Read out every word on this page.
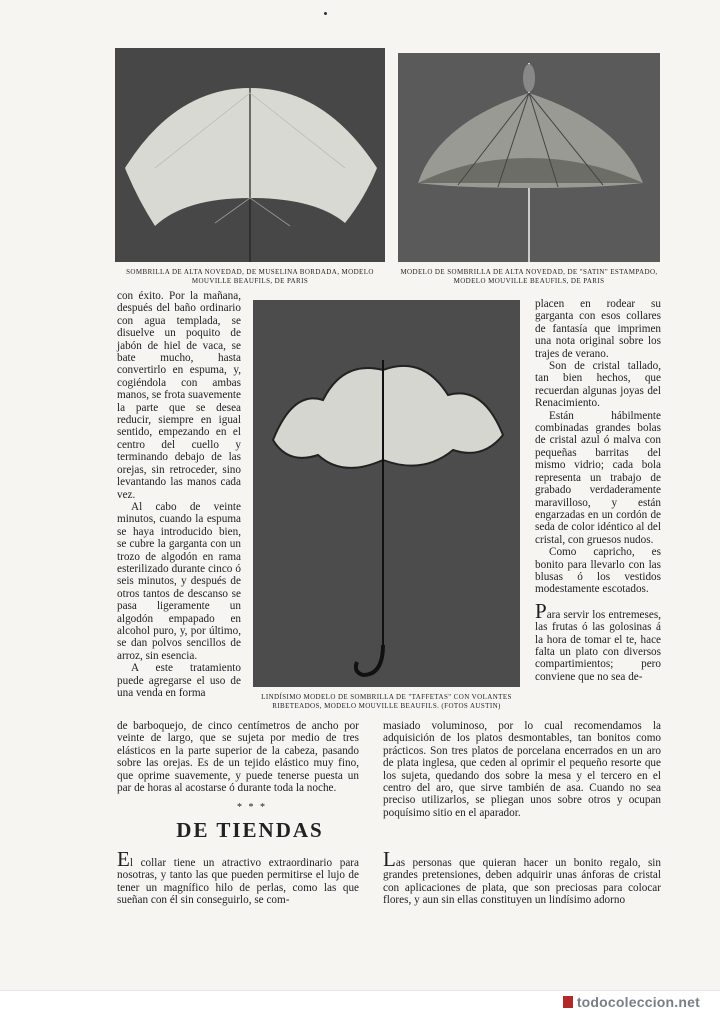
SOMBRILLA DE ALTA NOVEDAD, DE MUSELINA BORDADA, MODELO MOUVILLE BEAUFILS, DE PARIS
MODELO DE SOMBRILLA DE ALTA NOVEDAD, DE "SATIN" ESTAMPADO, MODELO MOUVILLE BEAUFILS, DE PARIS
LINDÍSIMO MODELO DE SOMBRILLA DE "TAFFETAS" CON VOLANTES RIBETEADOS, MODELO MOUVILLE BEAUFILS. (FOTOS AUSTIN)

con éxito. Por la mañana, después del baño ordinario con agua templada, se disuelve un poquito de jabón de hiel de vaca, se bate mucho, hasta convertirlo en espuma, y, cogiéndola con ambas manos, se frota suavemente la parte que se desea reducir, siempre en igual sentido, empezando en el centro del cuello y terminando debajo de las orejas, sin retroceder, sino levantando las manos cada vez.

Al cabo de veinte minutos, cuando la espuma se haya introducido bien, se cubre la garganta con un trozo de algodón en rama esterilizado durante cinco ó seis minutos, y después de otros tantos de descanso se pasa ligeramente un algodón empapado en alcohol puro, y, por último, se dan polvos sencillos de arroz, sin esencia.

A este tratamiento puede agregarse el uso de una venda en forma

de barboquejo, de cinco centímetros de ancho por veinte de largo, que se sujeta por medio de tres elásticos en la parte superior de la cabeza, pasando sobre las orejas. Es de un tejido elástico muy fino, que oprime suavemente, y puede tenerse puesta un par de horas al acostarse ó durante toda la noche.

placen en rodear su garganta con esos collares de fantasía que imprimen una nota original sobre los trajes de verano.

Son de cristal tallado, tan bien hechos, que recuerdan algunas joyas del Renacimiento.

Están hábilmente combinadas grandes bolas de cristal azul ó malva con pequeñas barritas del mismo vidrio; cada bola representa un trabajo de grabado verdaderamente maravilloso, y están engarzadas en un cordón de seda de color idéntico al del cristal, con gruesos nudos.

Como capricho, es bonito para llevarlo con las blusas ó los vestidos modestamente escotados.

Para servir los entremeses, las frutas ó las golosinas á la hora de tomar el te, hace falta un plato con diversos compartimientos; pero conviene que no sea de-

masiado voluminoso, por lo cual recomendamos la adquisición de los platos desmontables, tan bonitos como prácticos. Son tres platos de porcelana encerrados en un aro de plata inglesa, que ceden al oprimir el pequeño resorte que los sujeta, quedando dos sobre la mesa y el tercero en el centro del aro, que sirve también de asa. Cuando no sea preciso utilizarlos, se pliegan unos sobre otros y ocupan poquísimo sitio en el aparador.

* * *
DE TIENDAS

El collar tiene un atractivo extraordinario para nosotras, y tanto las que pueden permitirse el lujo de tener un magnífico hilo de perlas, como las que sueñan con él sin conseguirlo, se com-

Las personas que quieran hacer un bonito regalo, sin grandes pretensiones, deben adquirir unas ánforas de cristal con aplicaciones de plata, que son preciosas para colocar flores, y aun sin ellas constituyen un lindísimo adorno

todocoleccion.net
